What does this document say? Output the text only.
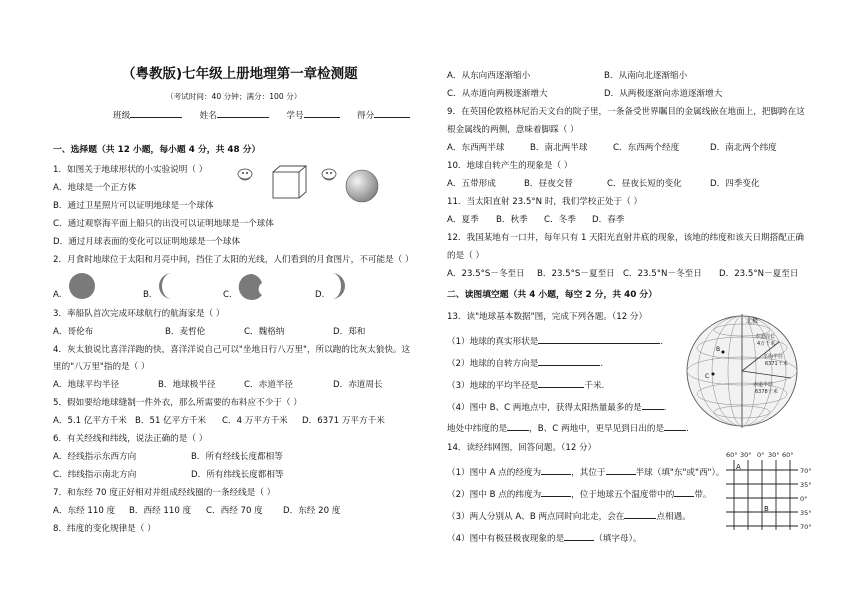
（粤教版)七年级上册地理第一章检测题
（考试时间：40 分钟；满分：100 分）
班级	姓名	学号	得分
一、选择题（共 12 小题，每小题 4 分，共 48 分）
1．如图关于地球形状的小实验说明（ ）
A．地球是一个正方体
B．通过卫星照片可以证明地球是一个球体
C．通过观察海平面上船只的出没可以证明地球是一个球体
D．通过月球表面的变化可以证明地球是一个球体
2．月食时地球位于太阳和月亮中间，挡住了太阳的光线，人们看到的月食图片，不可能是（ ）
A.	B.	C.	D.
3．率船队首次完成环球航行的航海家是（ ）
A．哥伦布	B．麦哲伦	C．魏格纳	D．郑和
4．灰太狼说比喜洋洋跑的快，喜洋洋说自己可以"坐地日行八万里"，所以跑的比灰太狼快。这
里的"八万里"指的是（ ）
A．地球平均半径	B．地球极半径	C．赤道半径	D．赤道周长
5．假如要给地球缝制一件外衣，那么所需要的布料应不少于（ ）
A．5.1 亿平方千米 B．51 亿平方千米 C．4 万平方千米 D．6371 万平方千米
6．有关经线和纬线，说法正确的是（ ）
A．经线指示东西方向	B．所有经线长度都相等
C．纬线指示南北方向	D．所有纬线长度都相等
7．和东经 70 度正好相对并组成经线圈的一条经线是（ ）
A．东经 110 度 B．西经 110 度 C．西经 70 度 D．东经 20 度
8．纬度的变化规律是（ ）
A．从东向西逐渐缩小	B．从南向北逐渐缩小
C．从赤道向两极逐渐增大	D．从两极逐渐向赤道逐渐增大
9．在英国伦敦格林尼治天文台的院子里，一条备受世界瞩目的金属线嵌在地面上，把脚跨在这
根金属线的两侧，意味着脚踩（ ）
A．东西两半球	B．南北两半球	C．东西两个经度	D．南北两个纬度
10．地球自转产生的现象是（ ）
A．五带形成	B．昼夜交替	C．昼夜长短的变化	D．四季变化
11．当太阳直射 23.5°N 时，我们学校正处于（ ）
A．夏季 B．秋季 C．冬季 D．春季
12．我国某地有一口井，每年只有 1 天阳光直射井底的现象，该地的纬度和该天日期搭配正确
的是（ ）
A．23.5°S－冬至日 B．23.5°S－夏至日 C．23.5°N－冬至日 D．23.5°N－夏至日
二、读图填空题（共 4 小题，每空 2 分，共 40 分）
13．读"地球基本数据"图，完成下列各题。（12 分）
（1）地球的真实形状是	.
（2）地球的自转方向是	.
（3）地球的平均半径是	千米.
（4）图中 B、C 两地点中，获得太阳热量最多的是	.
地处中纬度的是	，B、C 两地中，更早见到日出的是	.
北极
赤道周长
4万千米
平均半径
6371千米
赤道半径
6378千米
B
C
14．读经纬网图，回答问题。（12 分）
（1）图中 A 点的经度为	，其位于	半球（填"东"或"西"）。
（2）图中 B 点的纬度为	，位于地球五个温度带中的 带。
（3）两人分别从 A、B 两点同时向北走，会在	点相遇。
（4）图中有极昼极夜现象的是	（填字母）。
60° 30° 0° 30° 60°
70°
35°
0°
35°
70°
A
B
